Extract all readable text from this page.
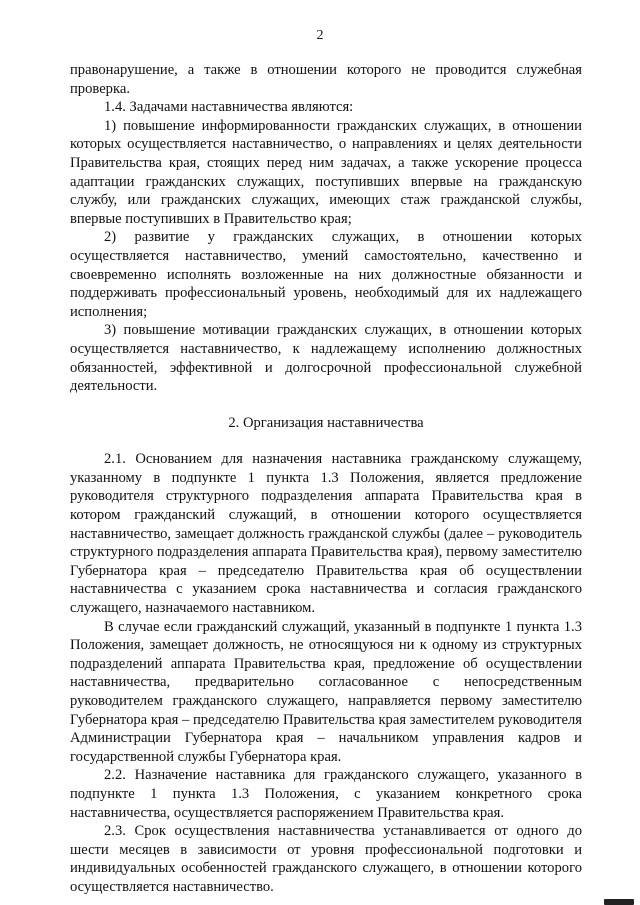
2

правонарушение, а также в отношении которого не проводится служебная проверка.

1.4. Задачами наставничества являются:

1) повышение информированности гражданских служащих, в отношении которых осуществляется наставничество, о направлениях и целях деятельности Правительства края, стоящих перед ним задачах, а также ускорение процесса адаптации гражданских служащих, поступивших впервые на гражданскую службу, или гражданских служащих, имеющих стаж гражданской службы, впервые поступивших в Правительство края;

2) развитие у гражданских служащих, в отношении которых осуществляется наставничество, умений самостоятельно, качественно и своевременно исполнять возложенные на них должностные обязанности и поддерживать профессиональный уровень, необходимый для их надлежащего исполнения;

3) повышение мотивации гражданских служащих, в отношении которых осуществляется наставничество, к надлежащему исполнению должностных обязанностей, эффективной и долгосрочной профессиональной служебной деятельности.

2. Организация наставничества

2.1. Основанием для назначения наставника гражданскому служащему, указанному в подпункте 1 пункта 1.3 Положения, является предложение руководителя структурного подразделения аппарата Правительства края в котором гражданский служащий, в отношении которого осуществляется наставничество, замещает должность гражданской службы (далее – руководитель структурного подразделения аппарата Правительства края), первому заместителю Губернатора края – председателю Правительства края об осуществлении наставничества с указанием срока наставничества и согласия гражданского служащего, назначаемого наставником.

В случае если гражданский служащий, указанный в подпункте 1 пункта 1.3 Положения, замещает должность, не относящуюся ни к одному из структурных подразделений аппарата Правительства края, предложение об осуществлении наставничества, предварительно согласованное с непосредственным руководителем гражданского служащего, направляется первому заместителю Губернатора края – председателю Правительства края заместителем руководителя Администрации Губернатора края – начальником управления кадров и государственной службы Губернатора края.

2.2. Назначение наставника для гражданского служащего, указанного в подпункте 1 пункта 1.3 Положения, с указанием конкретного срока наставничества, осуществляется распоряжением Правительства края.

2.3. Срок осуществления наставничества устанавливается от одного до шести месяцев в зависимости от уровня профессиональной подготовки и индивидуальных особенностей гражданского служащего, в отношении которого осуществляется наставничество.
